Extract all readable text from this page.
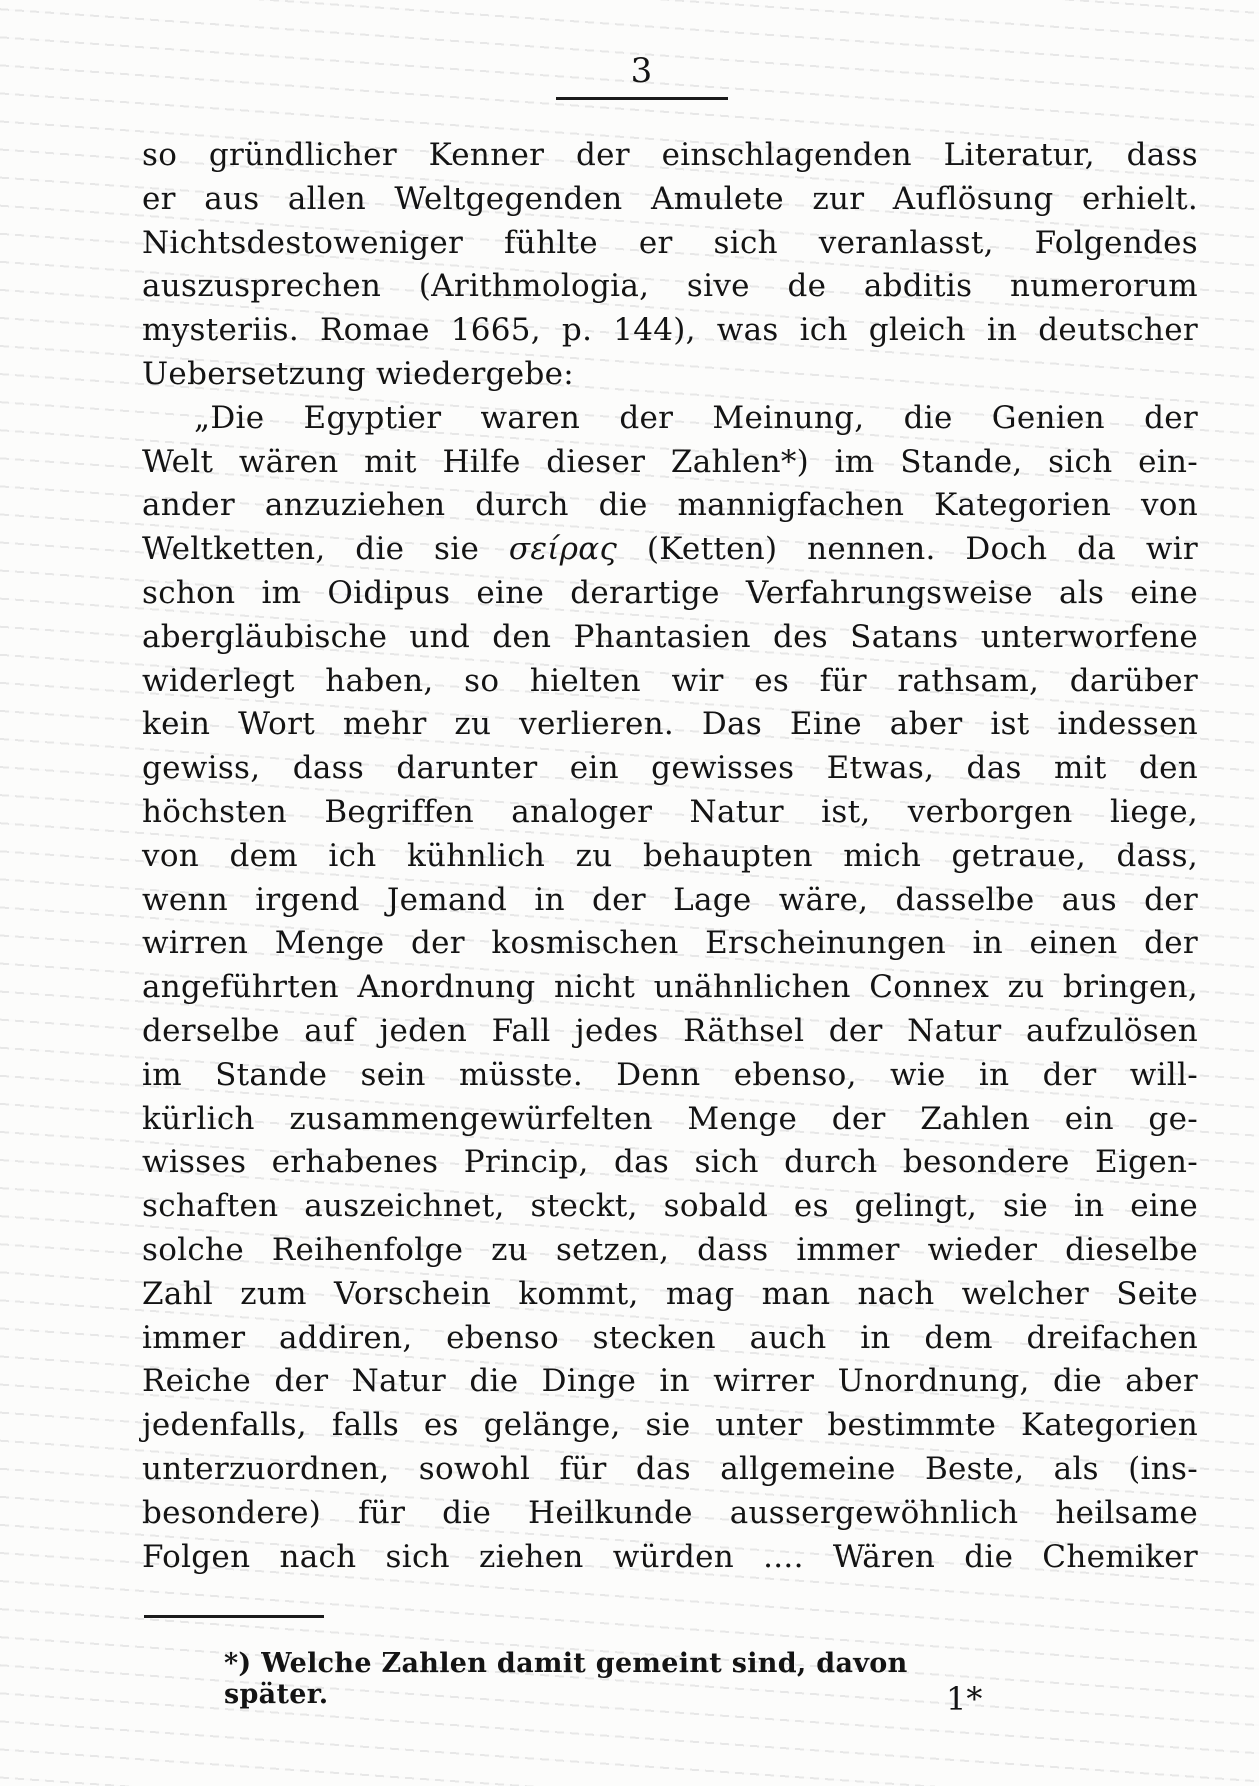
3
so gründlicher Kenner der einschlagenden Literatur, dass
er aus allen Weltgegenden Amulete zur Auflösung erhielt.
Nichtsdestoweniger fühlte er sich veranlasst, Folgendes
auszusprechen (Arithmologia, sive de abditis numerorum
mysteriis. Romae 1665, p. 144), was ich gleich in deutscher
Uebersetzung wiedergebe:
„Die Egyptier waren der Meinung, die Genien der
Welt wären mit Hilfe dieser Zahlen*) im Stande, sich ein-
ander anzuziehen durch die mannigfachen Kategorien von
Weltketten, die sie σείρας (Ketten) nennen. Doch da wir
schon im Oidipus eine derartige Verfahrungsweise als eine
abergläubische und den Phantasien des Satans unterworfene
widerlegt haben, so hielten wir es für rathsam, darüber
kein Wort mehr zu verlieren. Das Eine aber ist indessen
gewiss, dass darunter ein gewisses Etwas, das mit den
höchsten Begriffen analoger Natur ist, verborgen liege,
von dem ich kühnlich zu behaupten mich getraue, dass,
wenn irgend Jemand in der Lage wäre, dasselbe aus der
wirren Menge der kosmischen Erscheinungen in einen der
angeführten Anordnung nicht unähnlichen Connex zu bringen,
derselbe auf jeden Fall jedes Räthsel der Natur aufzulösen
im Stande sein müsste. Denn ebenso, wie in der will-
kürlich zusammengewürfelten Menge der Zahlen ein ge-
wisses erhabenes Princip, das sich durch besondere Eigen-
schaften auszeichnet, steckt, sobald es gelingt, sie in eine
solche Reihenfolge zu setzen, dass immer wieder dieselbe
Zahl zum Vorschein kommt, mag man nach welcher Seite
immer addiren, ebenso stecken auch in dem dreifachen
Reiche der Natur die Dinge in wirrer Unordnung, die aber
jedenfalls, falls es gelänge, sie unter bestimmte Kategorien
unterzuordnen, sowohl für das allgemeine Beste, als (ins-
besondere) für die Heilkunde aussergewöhnlich heilsame
Folgen nach sich ziehen würden .... Wären die Chemiker
*) Welche Zahlen damit gemeint sind, davon später.	1*
